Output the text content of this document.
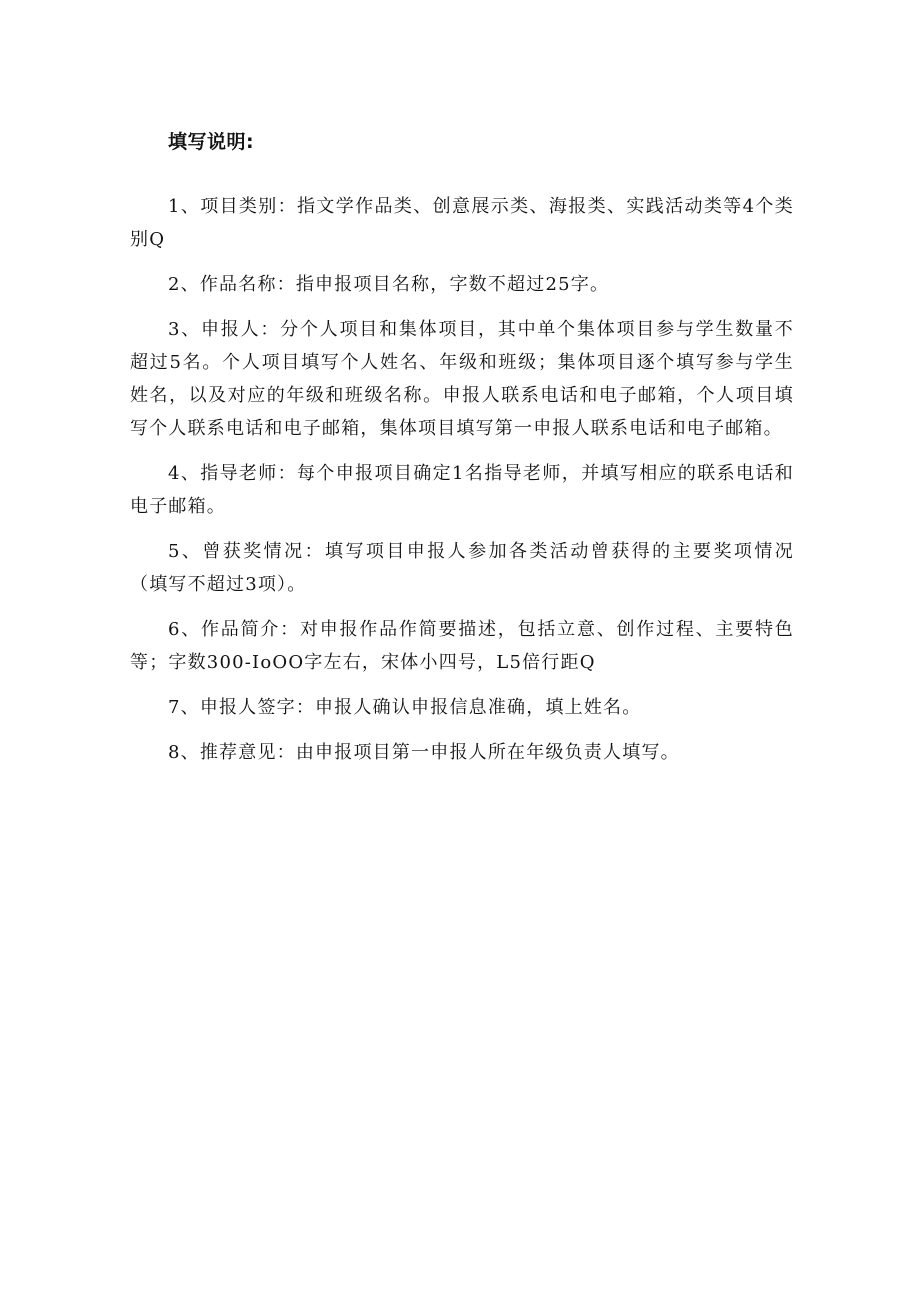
填写说明:

1、项目类别：指文学作品类、创意展示类、海报类、实践活动类等4个类别Q

2、作品名称：指申报项目名称，字数不超过25字。

3、申报人：分个人项目和集体项目，其中单个集体项目参与学生数量不超过5名。个人项目填写个人姓名、年级和班级；集体项目逐个填写参与学生姓名，以及对应的年级和班级名称。申报人联系电话和电子邮箱，个人项目填写个人联系电话和电子邮箱，集体项目填写第一申报人联系电话和电子邮箱。

4、指导老师：每个申报项目确定1名指导老师，并填写相应的联系电话和电子邮箱。

5、曾获奖情况：填写项目申报人参加各类活动曾获得的主要奖项情况（填写不超过3项）。

6、作品简介：对申报作品作简要描述，包括立意、创作过程、主要特色等；字数300-IoOO字左右，宋体小四号，L5倍行距Q

7、申报人签字：申报人确认申报信息准确，填上姓名。

8、推荐意见：由申报项目第一申报人所在年级负责人填写。
